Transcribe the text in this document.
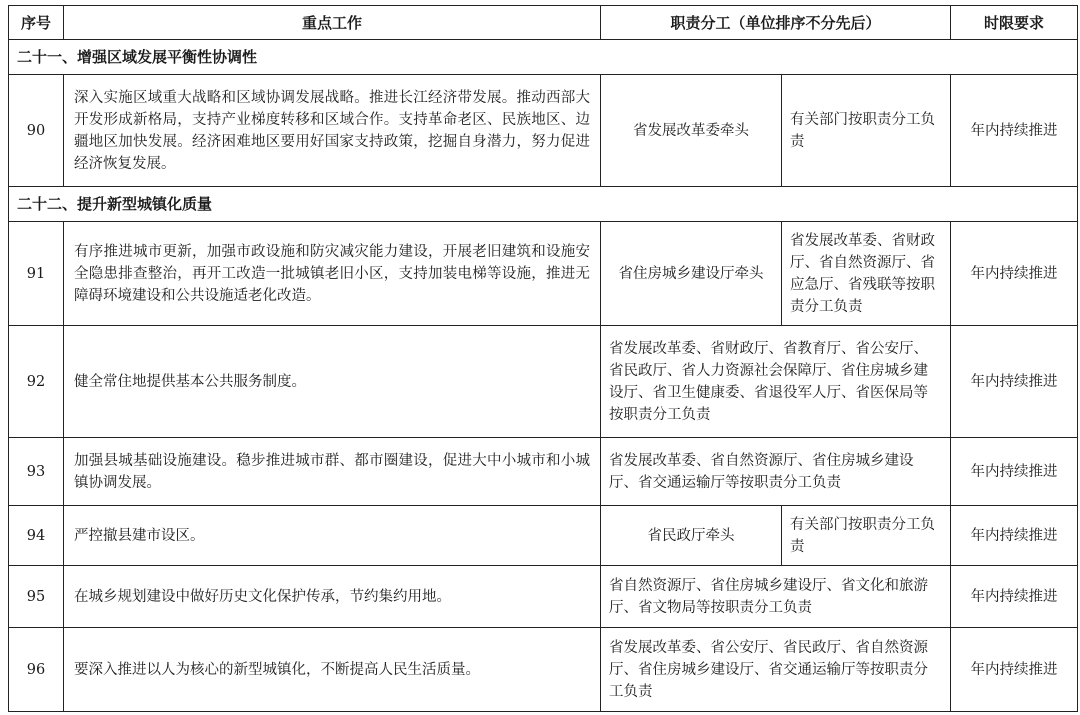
序号	重点工作	职责分工（单位排序不分先后）		时限要求
二十一、增强区域发展平衡性协调性				
90	深入实施区域重大战略和区域协调发展战略。推进长江经济带发展。推动西部大开发形成新格局，支持产业梯度转移和区域合作。支持革命老区、民族地区、边疆地区加快发展。经济困难地区要用好国家支持政策，挖掘自身潜力，努力促进经济恢复发展。	省发展改革委牵头	有关部门按职责分工负责	年内持续推进
二十二、提升新型城镇化质量				
91	有序推进城市更新，加强市政设施和防灾减灾能力建设，开展老旧建筑和设施安全隐患排查整治，再开工改造一批城镇老旧小区，支持加装电梯等设施，推进无障碍环境建设和公共设施适老化改造。	省住房城乡建设厅牵头	省发展改革委、省财政厅、省自然资源厅、省应急厅、省残联等按职责分工负责	年内持续推进
92	健全常住地提供基本公共服务制度。	省发展改革委、省财政厅、省教育厅、省公安厅、省民政厅、省人力资源社会保障厅、省住房城乡建设厅、省卫生健康委、省退役军人厅、省医保局等按职责分工负责		年内持续推进
93	加强县城基础设施建设。稳步推进城市群、都市圈建设，促进大中小城市和小城镇协调发展。	省发展改革委、省自然资源厅、省住房城乡建设厅、省交通运输厅等按职责分工负责		年内持续推进
94	严控撤县建市设区。	省民政厅牵头	有关部门按职责分工负责	年内持续推进
95	在城乡规划建设中做好历史文化保护传承，节约集约用地。	省自然资源厅、省住房城乡建设厅、省文化和旅游厅、省文物局等按职责分工负责		年内持续推进
96	要深入推进以人为核心的新型城镇化，不断提高人民生活质量。	省发展改革委、省公安厅、省民政厅、省自然资源厅、省住房城乡建设厅、省交通运输厅等按职责分工负责		年内持续推进
